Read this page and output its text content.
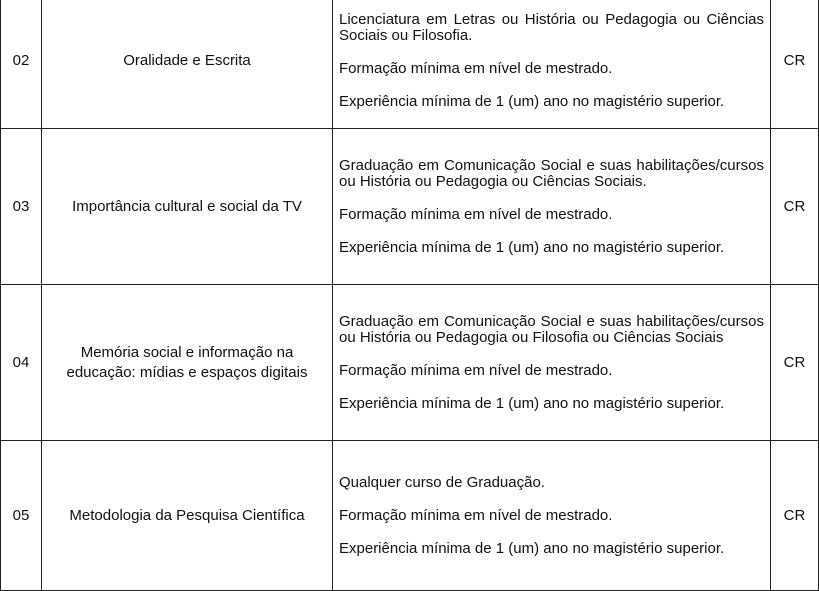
02	Oralidade e Escrita	Licenciatura em Letras ou História ou Pedagogia ou Ciências Sociais ou Filosofia.

Formação mínima em nível de mestrado.

Experiência mínima de 1 (um) ano no magistério superior.	CR
03	Importância cultural e social da TV	Graduação em Comunicação Social e suas habilitações/cursos ou História ou Pedagogia ou Ciências Sociais.

Formação mínima em nível de mestrado.

Experiência mínima de 1 (um) ano no magistério superior.	CR
04	Memória social e informação na educação: mídias e espaços digitais	Graduação em Comunicação Social e suas habilitações/cursos ou História ou Pedagogia ou Filosofia ou Ciências Sociais

Formação mínima em nível de mestrado.

Experiência mínima de 1 (um) ano no magistério superior.	CR
05	Metodologia da Pesquisa Científica	Qualquer curso de Graduação.

Formação mínima em nível de mestrado.

Experiência mínima de 1 (um) ano no magistério superior.	CR
